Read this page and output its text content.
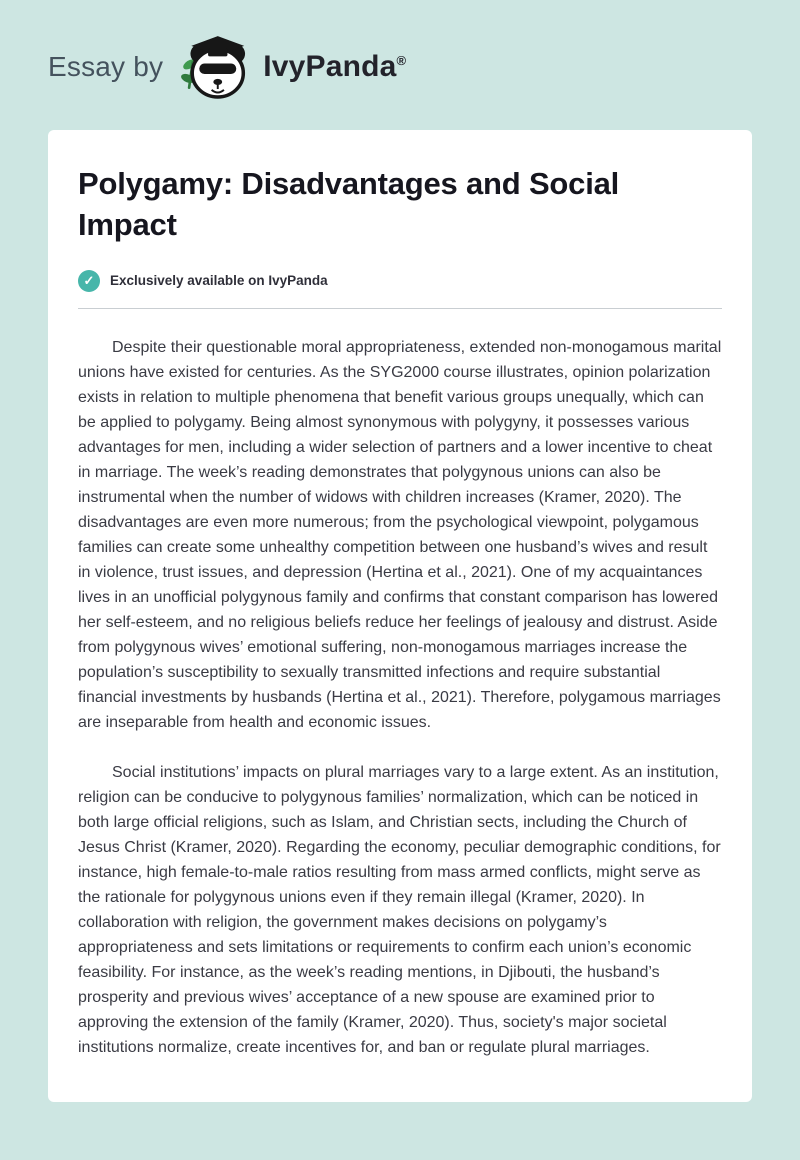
Essay by	IvyPanda®
Polygamy: Disadvantages and Social Impact
✓	Exclusively available on IvyPanda

Despite their questionable moral appropriateness, extended non-monogamous marital unions have existed for centuries. As the SYG2000 course illustrates, opinion polarization exists in relation to multiple phenomena that benefit various groups unequally, which can be applied to polygamy. Being almost synonymous with polygyny, it possesses various advantages for men, including a wider selection of partners and a lower incentive to cheat in marriage. The week’s reading demonstrates that polygynous unions can also be instrumental when the number of widows with children increases (Kramer, 2020). The disadvantages are even more numerous; from the psychological viewpoint, polygamous families can create some unhealthy competition between one husband’s wives and result in violence, trust issues, and depression (Hertina et al., 2021). One of my acquaintances lives in an unofficial polygynous family and confirms that constant comparison has lowered her self-esteem, and no religious beliefs reduce her feelings of jealousy and distrust. Aside from polygynous wives’ emotional suffering, non-monogamous marriages increase the population’s susceptibility to sexually transmitted infections and require substantial financial investments by husbands (Hertina et al., 2021). Therefore, polygamous marriages are inseparable from health and economic issues.

Social institutions’ impacts on plural marriages vary to a large extent. As an institution, religion can be conducive to polygynous families’ normalization, which can be noticed in both large official religions, such as Islam, and Christian sects, including the Church of Jesus Christ (Kramer, 2020). Regarding the economy, peculiar demographic conditions, for instance, high female-to-male ratios resulting from mass armed conflicts, might serve as the rationale for polygynous unions even if they remain illegal (Kramer, 2020). In collaboration with religion, the government makes decisions on polygamy’s appropriateness and sets limitations or requirements to confirm each union’s economic feasibility. For instance, as the week’s reading mentions, in Djibouti, the husband’s prosperity and previous wives’ acceptance of a new spouse are examined prior to approving the extension of the family (Kramer, 2020). Thus, society's major societal institutions normalize, create incentives for, and ban or regulate plural marriages.
